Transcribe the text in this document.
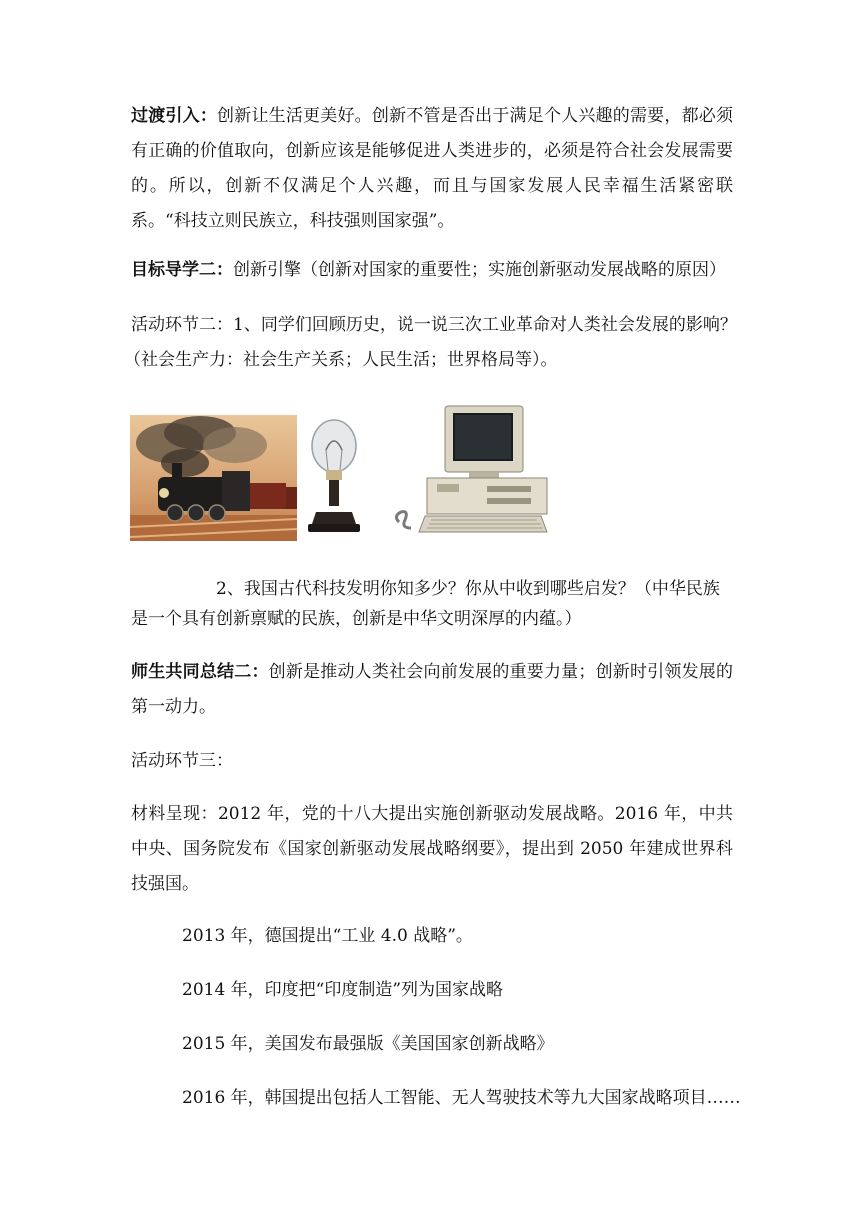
过渡引入：创新让生活更美好。创新不管是否出于满足个人兴趣的需要，都必须有正确的价值取向，创新应该是能够促进人类进步的，必须是符合社会发展需要的。所以，创新不仅满足个人兴趣，而且与国家发展人民幸福生活紧密联系。“科技立则民族立，科技强则国家强”。
目标导学二：创新引擎（创新对国家的重要性；实施创新驱动发展战略的原因）
活动环节二：1、同学们回顾历史，说一说三次工业革命对人类社会发展的影响？
（社会生产力：社会生产关系；人民生活；世界格局等）。
2、我国古代科技发明你知多少？你从中收到哪些启发？（中华民族
是一个具有创新禀赋的民族，创新是中华文明深厚的内蕴。）
师生共同总结二：创新是推动人类社会向前发展的重要力量；创新时引领发展的第一动力。
活动环节三：
材料呈现：2012 年，党的十八大提出实施创新驱动发展战略。2016 年，中共中央、国务院发布《国家创新驱动发展战略纲要》，提出到 2050 年建成世界科技强国。
2013 年，德国提出“工业 4.0 战略”。
2014 年，印度把“印度制造”列为国家战略
2015 年，美国发布最强版《美国国家创新战略》
2016 年，韩国提出包括人工智能、无人驾驶技术等九大国家战略项目……
